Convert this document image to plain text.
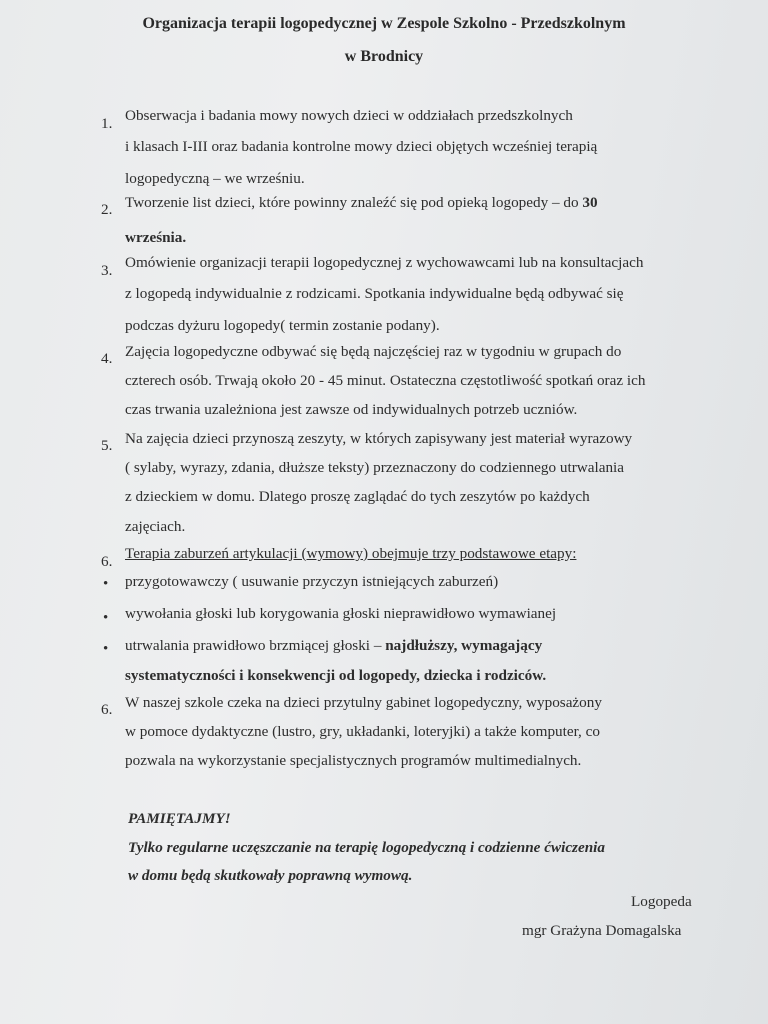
Organizacja terapii logopedycznej w Zespole Szkolno - Przedszkolnym
w Brodnicy
1. Obserwacja i badania mowy nowych dzieci w oddziałach przedszkolnych
i klasach I-III oraz badania kontrolne mowy dzieci objętych wcześniej terapią
logopedyczną – we wrześniu.
2. Tworzenie list dzieci, które powinny znaleźć się pod opieką logopedy – do 30
września.
3. Omówienie organizacji terapii logopedycznej z wychowawcami lub na konsultacjach
z logopedą indywidualnie z rodzicami. Spotkania indywidualne będą odbywać się
podczas dyżuru logopedy( termin zostanie podany).
4. Zajęcia logopedyczne odbywać się będą najczęściej raz w tygodniu w grupach do
czterech osób. Trwają około 20 - 45 minut. Ostateczna częstotliwość spotkań oraz ich
czas trwania uzależniona jest zawsze od indywidualnych potrzeb uczniów.
5. Na zajęcia dzieci przynoszą zeszyty, w których zapisywany jest materiał wyrazowy
( sylaby, wyrazy, zdania, dłuższe teksty) przeznaczony do codziennego utrwalania
z dzieckiem w domu. Dlatego proszę zaglądać do tych zeszytów po każdych
zajęciach.
6. Terapia zaburzeń artykulacji (wymowy) obejmuje trzy podstawowe etapy:
• przygotowawczy ( usuwanie przyczyn istniejących zaburzeń)
• wywołania głoski lub korygowania głoski nieprawidłowo wymawianej
• utrwalania prawidłowo brzmiącej głoski – najdłuższy, wymagający
systematyczności i konsekwencji od logopedy, dziecka i rodziców.
6. W naszej szkole czeka na dzieci przytulny gabinet logopedyczny, wyposażony
w pomoce dydaktyczne (lustro, gry, układanki, loteryjki) a także komputer, co
pozwala na wykorzystanie specjalistycznych programów multimedialnych.
PAMIĘTAJMY!
Tylko regularne uczęszczanie na terapię logopedyczną i codzienne ćwiczenia
w domu będą skutkowały poprawną wymową.
Logopeda
mgr Grażyna Domagalska
